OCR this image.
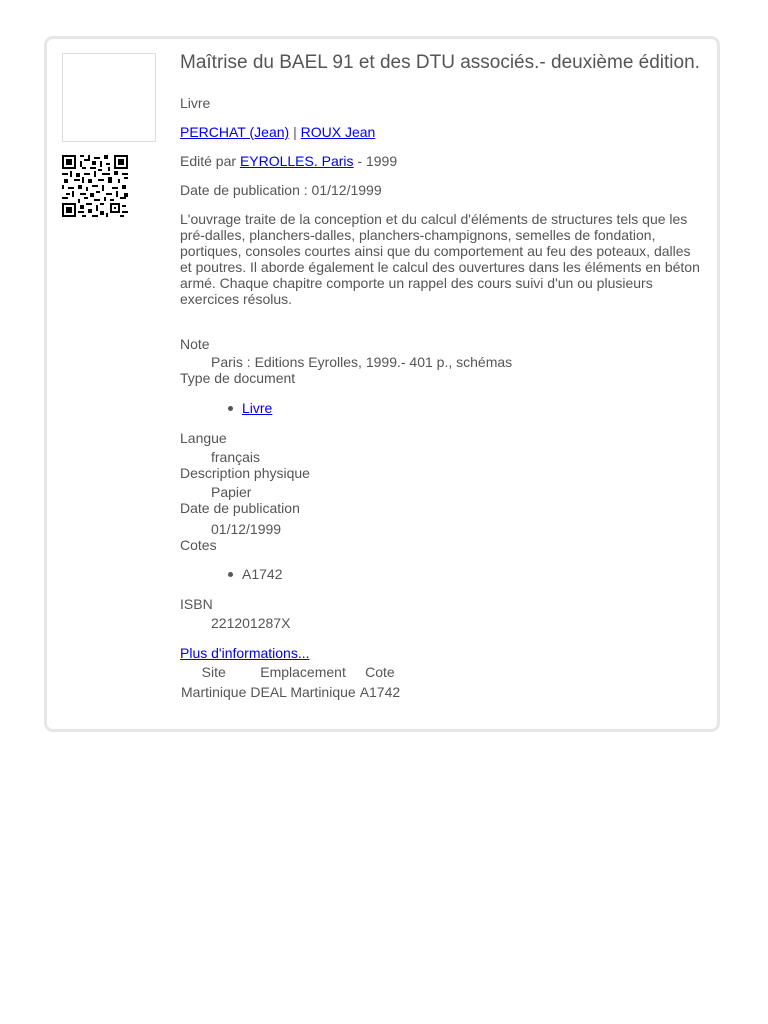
Maîtrise du BAEL 91 et des DTU associés.- deuxième édition.
Livre
PERCHAT (Jean) | ROUX Jean
Edité par EYROLLES. Paris - 1999
Date de publication : 01/12/1999
L'ouvrage traite de la conception et du calcul d'éléments de structures tels que les pré-dalles, planchers-dalles, planchers-champignons, semelles de fondation, portiques, consoles courtes ainsi que du comportement au feu des poteaux, dalles et poutres. Il aborde également le calcul des ouvertures dans les éléments en béton armé. Chaque chapitre comporte un rappel des cours suivi d'un ou plusieurs exercices résolus.
Note
Paris : Editions Eyrolles, 1999.- 401 p., schémas
Type de document
Livre
Langue
français
Description physique
Papier
Date de publication
01/12/1999
Cotes
A1742
ISBN
221201287X
Plus d'informations...
Site	Emplacement	Cote
Martinique	DEAL Martinique	A1742
